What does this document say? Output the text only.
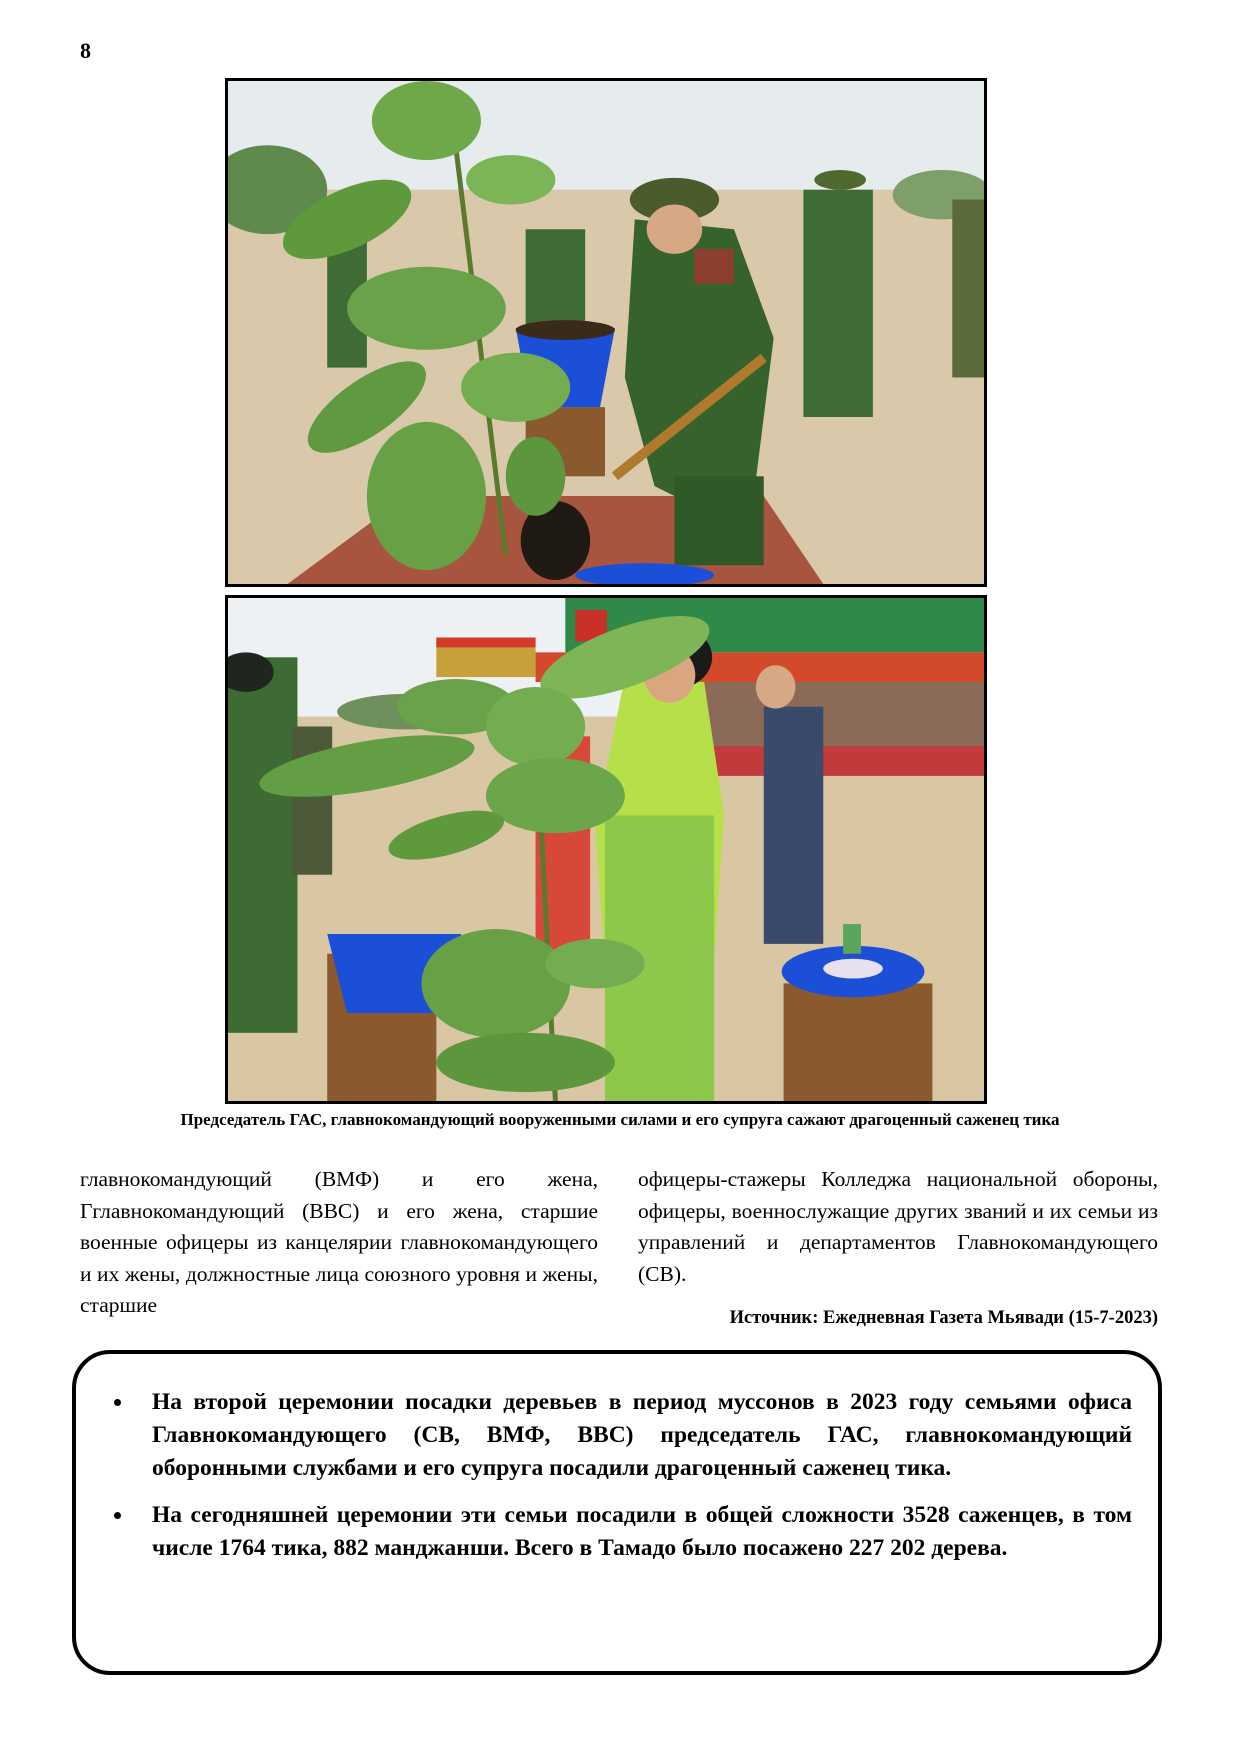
8
Председатель ГАС, главнокомандующий вооруженными силами и его супруга сажают драгоценный саженец тика
главнокомандующий (ВМФ) и его жена, Гглавнокомандующий (ВВС) и его жена, старшие военные офицеры из канцелярии главнокомандующего и их жены, должностные лица союзного уровня и жены, старшие
офицеры-стажеры Колледжа национальной обороны, офицеры, военнослужащие других званий и их семьи из управлений и департаментов Главнокомандующего (СВ).
Источник: Ежедневная Газета Мьявади (15-7-2023)
• На второй церемонии посадки деревьев в период муссонов в 2023 году семьями офиса Главнокомандующего (СВ, ВМФ, ВВС) председатель ГАС, главнокомандующий оборонными службами и его супруга посадили драгоценный саженец тика.
• На сегодняшней церемонии эти семьи посадили в общей сложности 3528 саженцев, в том числе 1764 тика, 882 манджанши. Всего в Тамадо было посажено 227 202 дерева.
